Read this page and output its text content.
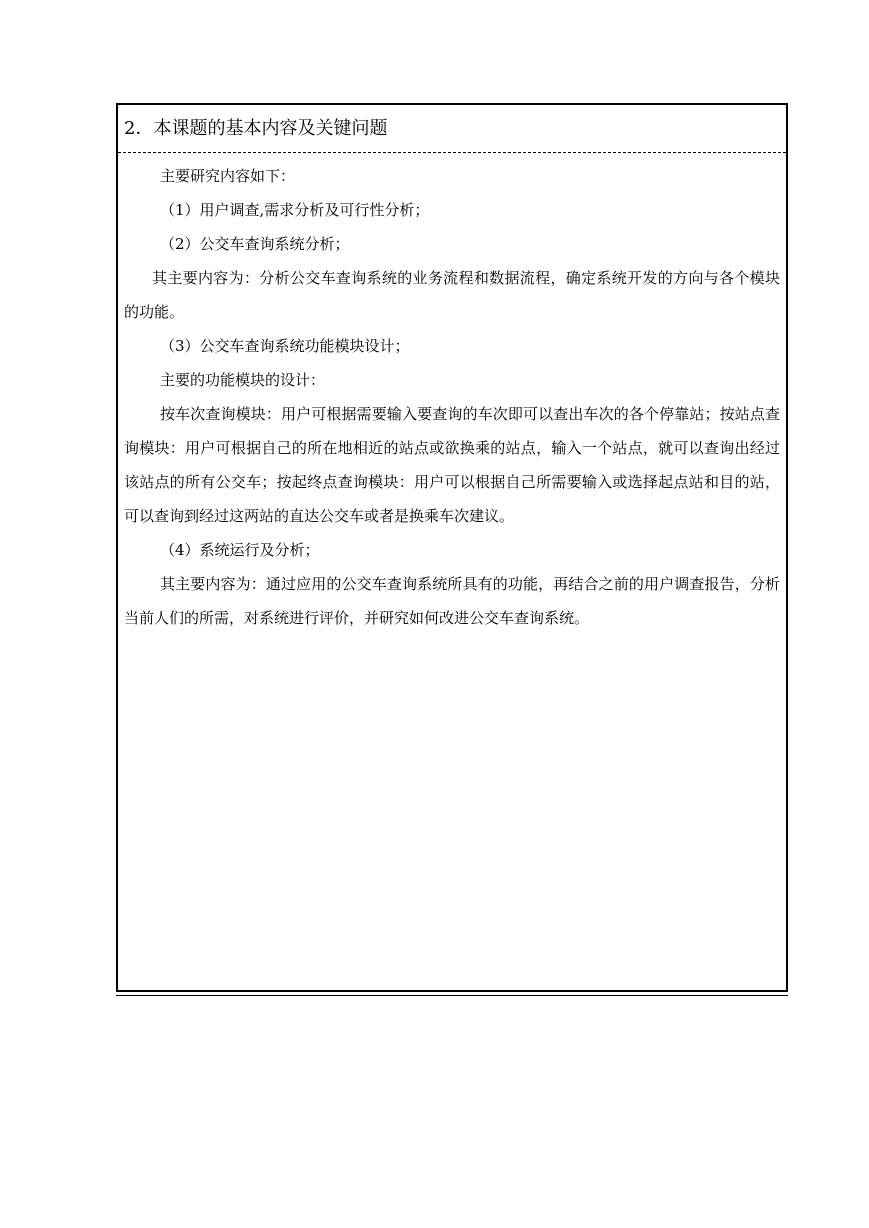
2．本课题的基本内容及关键问题

主要研究内容如下：

（1）用户调查,需求分析及可行性分析；

（2）公交车查询系统分析；

其主要内容为：分析公交车查询系统的业务流程和数据流程，确定系统开发的方向与各个模块的功能。

（3）公交车查询系统功能模块设计；

主要的功能模块的设计：

按车次查询模块：用户可根据需要输入要查询的车次即可以查出车次的各个停靠站；按站点查询模块：用户可根据自己的所在地相近的站点或欲换乘的站点，输入一个站点，就可以查询出经过该站点的所有公交车；按起终点查询模块：用户可以根据自己所需要输入或选择起点站和目的站，可以查询到经过这两站的直达公交车或者是换乘车次建议。

（4）系统运行及分析；

其主要内容为：通过应用的公交车查询系统所具有的功能，再结合之前的用户调查报告，分析当前人们的所需，对系统进行评价，并研究如何改进公交车查询系统。
